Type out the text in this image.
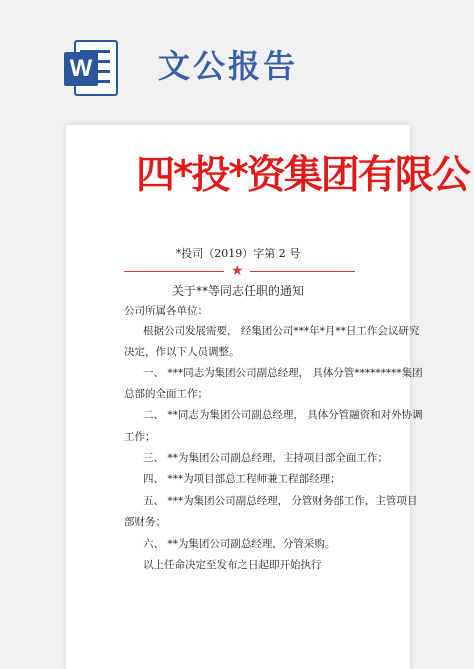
W 文公报告
四*投*资集团有限公
*投司（2019）字第 2 号
★
关于**等同志任职的通知
公司所属各单位：
根据公司发展需要， 经集团公司***年*月**日工作会议研究
决定，作以下人员调整。
一、 ***同志为集团公司副总经理， 具体分管*********集团
总部的全面工作；
二、 **同志为集团公司副总经理， 具体分管融资和对外协调
工作；
三、 **为集团公司副总经理，主持项目部全面工作；
四、 ***为项目部总工程师兼工程部经理；
五、 ***为集团公司副总经理， 分管财务部工作，主管项目
部财务；
六、 **为集团公司副总经理，分管采购。
以上任命决定至发布之日起即开始执行
